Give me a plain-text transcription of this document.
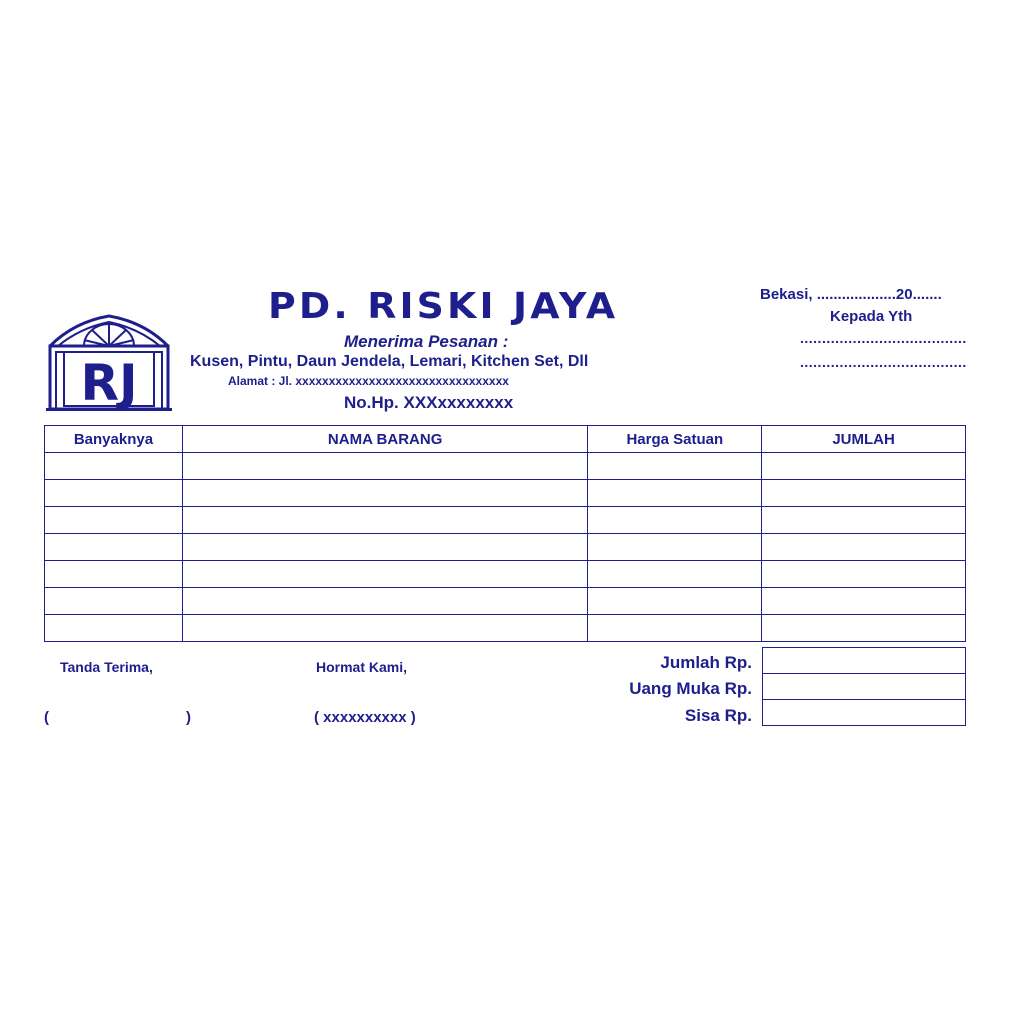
RJ
PD. RISKI JAYA
Menerima Pesanan :
Kusen, Pintu, Daun Jendela, Lemari, Kitchen Set, Dll
Alamat : Jl. xxxxxxxxxxxxxxxxxxxxxxxxxxxxxxxx
No.Hp. XXXxxxxxxxx
Bekasi, ...................20.......
Kepada Yth
......................................
......................................
Banyaknya	NAMA BARANG	Harga Satuan	JUMLAH

Jumlah Rp.
Uang Muka Rp.
Sisa Rp.

Tanda Terima,	Hormat Kami,
(	)	( xxxxxxxxxx )
